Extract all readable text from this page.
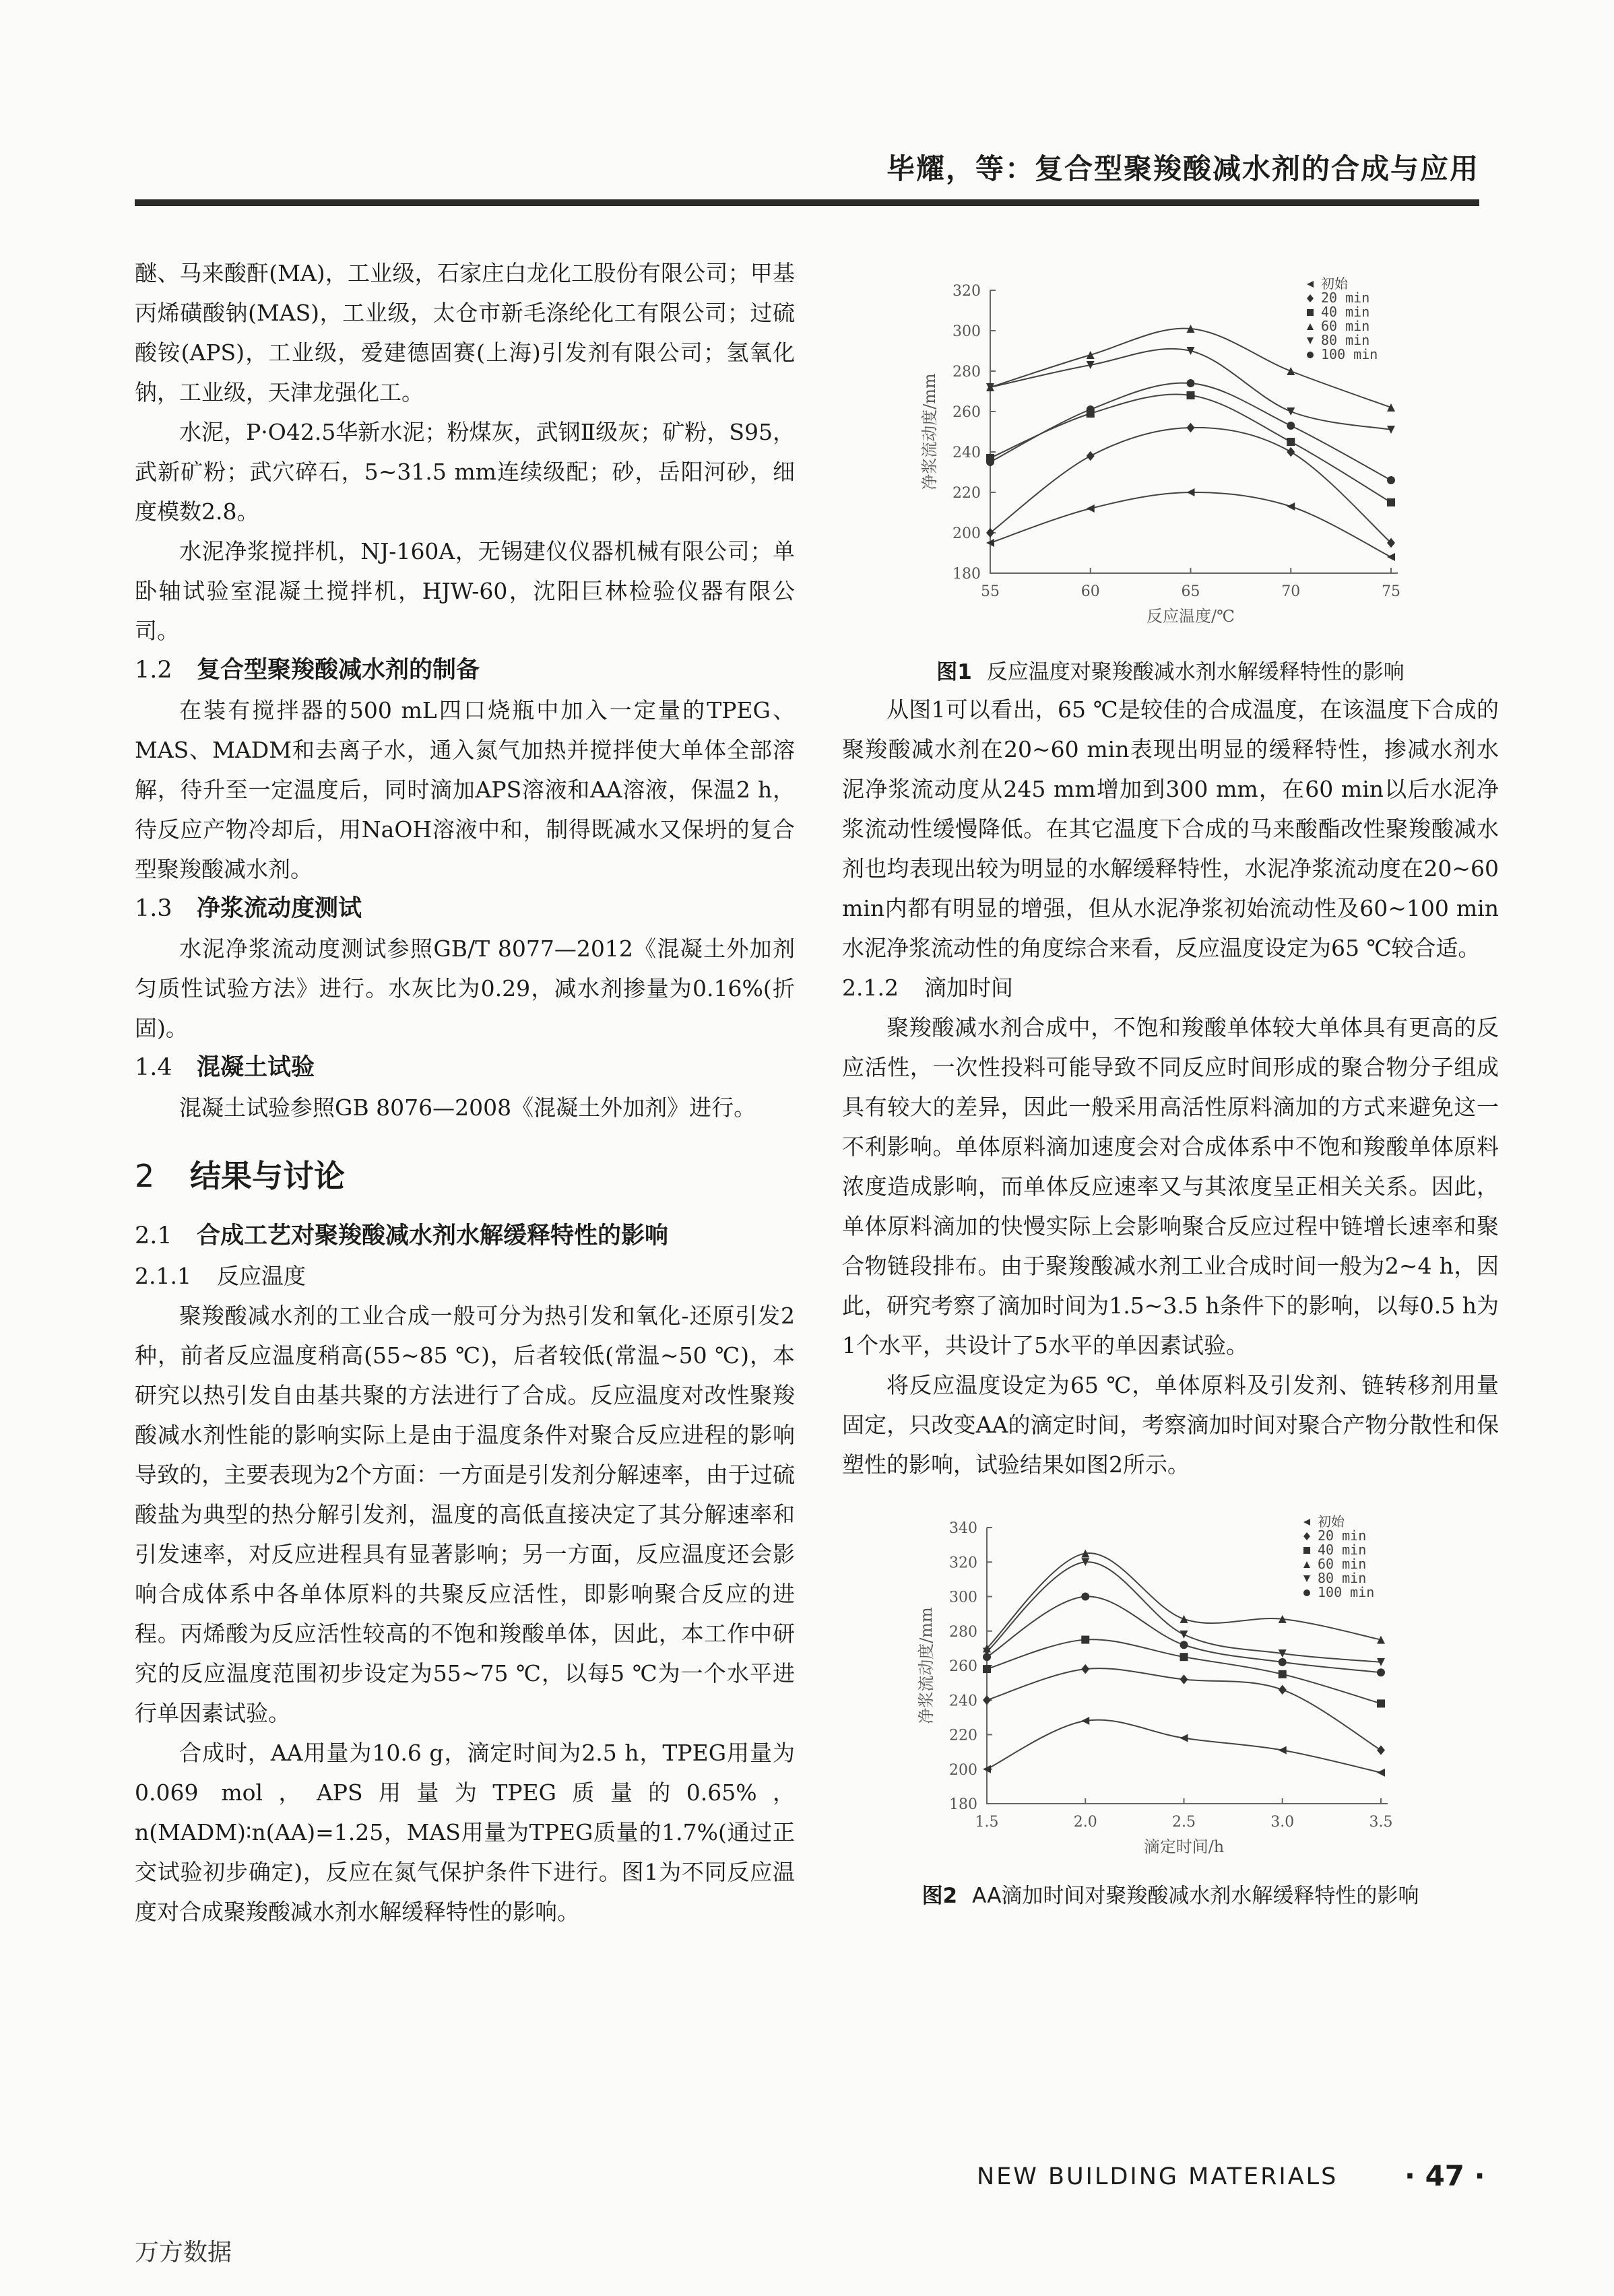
毕耀，等：复合型聚羧酸减水剂的合成与应用

醚、马来酸酐(MA)，工业级，石家庄白龙化工股份有限公司；甲基丙烯磺酸钠(MAS)，工业级，太仓市新毛涤纶化工有限公司；过硫酸铵(APS)，工业级，爱建德固赛(上海)引发剂有限公司；氢氧化钠，工业级，天津龙强化工。

水泥，P·O42.5华新水泥；粉煤灰，武钢Ⅱ级灰；矿粉，S95，武新矿粉；武穴碎石，5~31.5 mm连续级配；砂，岳阳河砂，细度模数2.8。

水泥净浆搅拌机，NJ-160A，无锡建仪仪器机械有限公司；单卧轴试验室混凝土搅拌机，HJW-60，沈阳巨林检验仪器有限公司。

1.2 复合型聚羧酸减水剂的制备

在装有搅拌器的500 mL四口烧瓶中加入一定量的TPEG、MAS、MADM和去离子水，通入氮气加热并搅拌使大单体全部溶解，待升至一定温度后，同时滴加APS溶液和AA溶液，保温2 h，待反应产物冷却后，用NaOH溶液中和，制得既减水又保坍的复合型聚羧酸减水剂。

1.3 净浆流动度测试

水泥净浆流动度测试参照GB/T 8077—2012《混凝土外加剂匀质性试验方法》进行。水灰比为0.29，减水剂掺量为0.16%(折固)。

1.4 混凝土试验

混凝土试验参照GB 8076—2008《混凝土外加剂》进行。

2 结果与讨论
2.1 合成工艺对聚羧酸减水剂水解缓释特性的影响
2.1.1 反应温度

聚羧酸减水剂的工业合成一般可分为热引发和氧化-还原引发2种，前者反应温度稍高(55~85 ℃)，后者较低(常温~50 ℃)，本研究以热引发自由基共聚的方法进行了合成。反应温度对改性聚羧酸减水剂性能的影响实际上是由于温度条件对聚合反应进程的影响导致的，主要表现为2个方面：一方面是引发剂分解速率，由于过硫酸盐为典型的热分解引发剂，温度的高低直接决定了其分解速率和引发速率，对反应进程具有显著影响；另一方面，反应温度还会影响合成体系中各单体原料的共聚反应活性，即影响聚合反应的进程。丙烯酸为反应活性较高的不饱和羧酸单体，因此，本工作中研究的反应温度范围初步设定为55~75 ℃，以每5 ℃为一个水平进行单因素试验。

合成时，AA用量为10.6 g，滴定时间为2.5 h，TPEG用量为0.069 mol，APS用量为TPEG质量的0.65%，n(MADM)∶n(AA)=1.25，MAS用量为TPEG质量的1.7%(通过正交试验初步确定)，反应在氮气保护条件下进行。图1为不同反应温度对合成聚羧酸减水剂水解缓释特性的影响。

180
200
220
240
260
280
300
320
55	60	65	70	75
反应温度/℃
净浆流动度/mm
初始
20 min
40 min
60 min
80 min
100 min
图1 反应温度对聚羧酸减水剂水解缓释特性的影响

从图1可以看出，65 ℃是较佳的合成温度，在该温度下合成的聚羧酸减水剂在20~60 min表现出明显的缓释特性，掺减水剂水泥净浆流动度从245 mm增加到300 mm，在60 min以后水泥净浆流动性缓慢降低。在其它温度下合成的马来酸酯改性聚羧酸减水剂也均表现出较为明显的水解缓释特性，水泥净浆流动度在20~60 min内都有明显的增强，但从水泥净浆初始流动性及60~100 min水泥净浆流动性的角度综合来看，反应温度设定为65 ℃较合适。

2.1.2 滴加时间

聚羧酸减水剂合成中，不饱和羧酸单体较大单体具有更高的反应活性，一次性投料可能导致不同反应时间形成的聚合物分子组成具有较大的差异，因此一般采用高活性原料滴加的方式来避免这一不利影响。单体原料滴加速度会对合成体系中不饱和羧酸单体原料浓度造成影响，而单体反应速率又与其浓度呈正相关关系。因此，单体原料滴加的快慢实际上会影响聚合反应过程中链增长速率和聚合物链段排布。由于聚羧酸减水剂工业合成时间一般为2~4 h，因此，研究考察了滴加时间为1.5~3.5 h条件下的影响，以每0.5 h为1个水平，共设计了5水平的单因素试验。

将反应温度设定为65 ℃，单体原料及引发剂、链转移剂用量固定，只改变AA的滴定时间，考察滴加时间对聚合产物分散性和保塑性的影响，试验结果如图2所示。

180
200
220
240
260
280
300
320
340
1.5	2.0	2.5	3.0	3.5
滴定时间/h
净浆流动度/mm
初始
20 min
40 min
60 min
80 min
100 min
图2 AA滴加时间对聚羧酸减水剂水解缓释特性的影响
NEW BUILDING MATERIALS · 47 ·
万方数据
